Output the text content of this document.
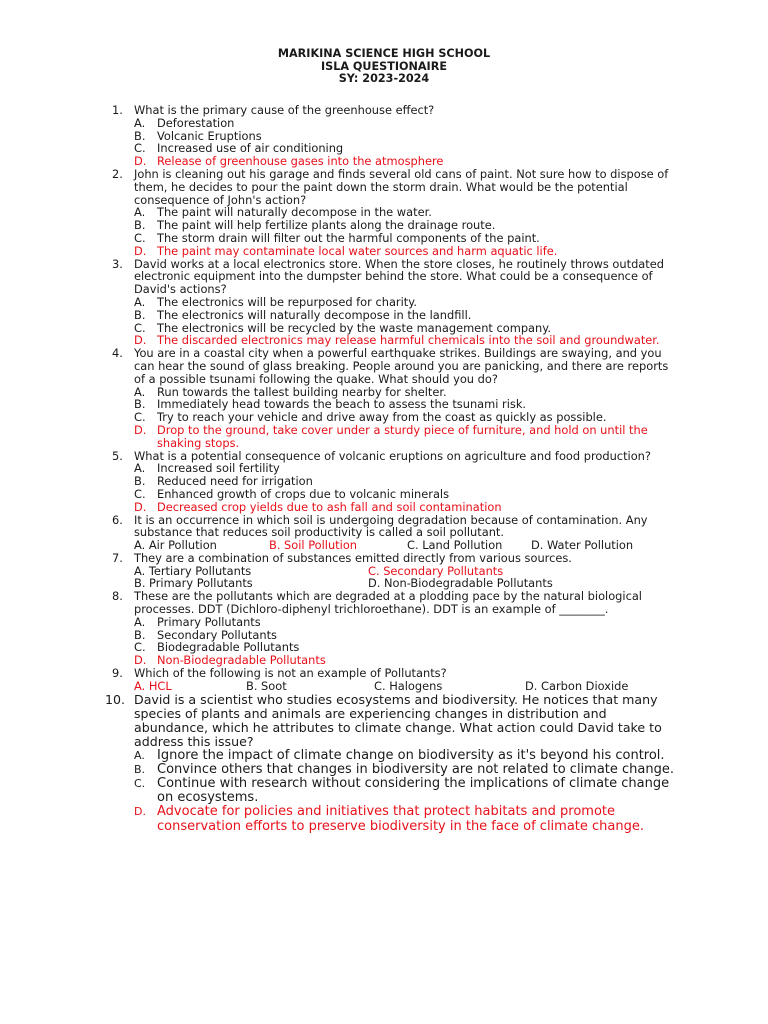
MARIKINA SCIENCE HIGH SCHOOL
ISLA QUESTIONAIRE
SY: 2023-2024
1. What is the primary cause of the greenhouse effect?
A. Deforestation
B. Volcanic Eruptions
C. Increased use of air conditioning
D. Release of greenhouse gases into the atmosphere
2. John is cleaning out his garage and finds several old cans of paint. Not sure how to dispose of them, he decides to pour the paint down the storm drain. What would be the potential consequence of John's action?
A. The paint will naturally decompose in the water.
B. The paint will help fertilize plants along the drainage route.
C. The storm drain will filter out the harmful components of the paint.
D. The paint may contaminate local water sources and harm aquatic life.
3. David works at a local electronics store. When the store closes, he routinely throws outdated electronic equipment into the dumpster behind the store. What could be a consequence of David's actions?
A. The electronics will be repurposed for charity.
B. The electronics will naturally decompose in the landfill.
C. The electronics will be recycled by the waste management company.
D. The discarded electronics may release harmful chemicals into the soil and groundwater.
4. You are in a coastal city when a powerful earthquake strikes. Buildings are swaying, and you can hear the sound of glass breaking. People around you are panicking, and there are reports of a possible tsunami following the quake. What should you do?
A. Run towards the tallest building nearby for shelter.
B. Immediately head towards the beach to assess the tsunami risk.
C. Try to reach your vehicle and drive away from the coast as quickly as possible.
D. Drop to the ground, take cover under a sturdy piece of furniture, and hold on until the shaking stops.
5. What is a potential consequence of volcanic eruptions on agriculture and food production?
A. Increased soil fertility
B. Reduced need for irrigation
C. Enhanced growth of crops due to volcanic minerals
D. Decreased crop yields due to ash fall and soil contamination
6. It is an occurrence in which soil is undergoing degradation because of contamination. Any substance that reduces soil productivity is called a soil pollutant.
A. Air Pollution	B. Soil Pollution	C. Land Pollution	D. Water Pollution
7. They are a combination of substances emitted directly from various sources.
A. Tertiary Pollutants	C. Secondary Pollutants
B. Primary Pollutants	D. Non-Biodegradable Pollutants
8. These are the pollutants which are degraded at a plodding pace by the natural biological processes. DDT (Dichloro-diphenyl trichloroethane). DDT is an example of ________.
A. Primary Pollutants
B. Secondary Pollutants
C. Biodegradable Pollutants
D. Non-Biodegradable Pollutants
9. Which of the following is not an example of Pollutants?
A. HCL	B. Soot	C. Halogens	D. Carbon Dioxide
10. David is a scientist who studies ecosystems and biodiversity. He notices that many species of plants and animals are experiencing changes in distribution and abundance, which he attributes to climate change. What action could David take to address this issue?
A. Ignore the impact of climate change on biodiversity as it's beyond his control.
B. Convince others that changes in biodiversity are not related to climate change.
C. Continue with research without considering the implications of climate change on ecosystems.
D. Advocate for policies and initiatives that protect habitats and promote conservation efforts to preserve biodiversity in the face of climate change.
